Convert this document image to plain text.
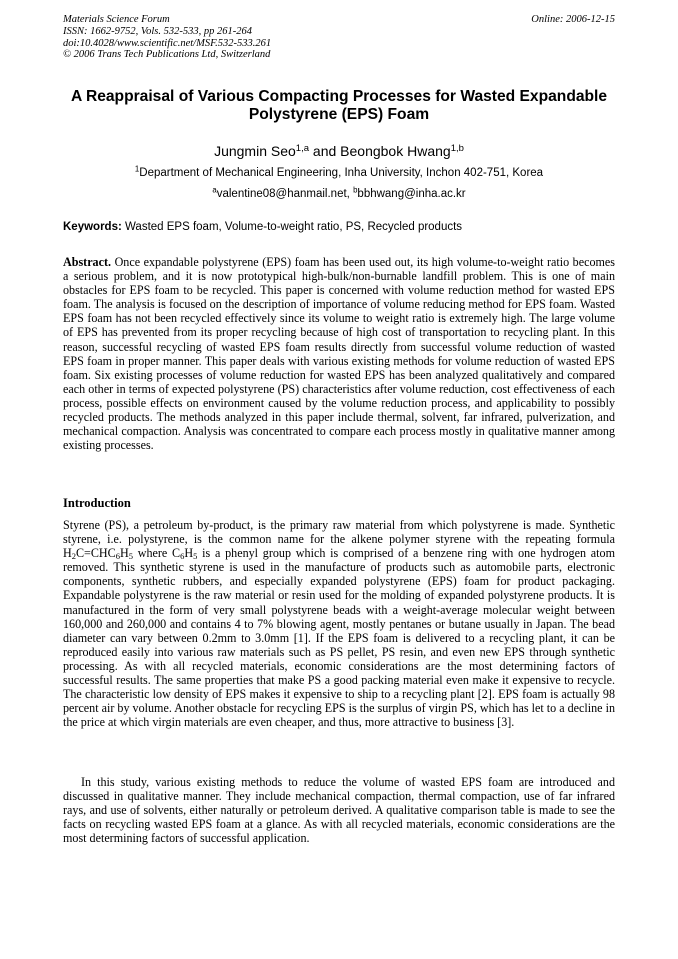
Materials Science Forum
ISSN: 1662-9752, Vols. 532-533, pp 261-264
doi:10.4028/www.scientific.net/MSF.532-533.261
© 2006 Trans Tech Publications Ltd, Switzerland
Online: 2006-12-15
A Reappraisal of Various Compacting Processes for Wasted Expandable
Polystyrene (EPS) Foam
Jungmin Seo$^{1,a}$ and Beongbok Hwang$^{1,b}$
$^1$Department of Mechanical Engineering, Inha University, Inchon 402-751, Korea
$^a$valentine08@hanmail.net, $^b$bbhwang@inha.ac.kr
Keywords: Wasted EPS foam, Volume-to-weight ratio, PS, Recycled products
Abstract. Once expandable polystyrene (EPS) foam has been used out, its high volume-to-weight ratio becomes a serious problem, and it is now prototypical high-bulk/non-burnable landfill problem. This is one of main obstacles for EPS foam to be recycled. This paper is concerned with volume reduction method for wasted EPS foam. The analysis is focused on the description of importance of volume reducing method for EPS foam. Wasted EPS foam has not been recycled effectively since its volume to weight ratio is extremely high. The large volume of EPS has prevented from its proper recycling because of high cost of transportation to recycling plant. In this reason, successful recycling of wasted EPS foam results directly from successful volume reduction of wasted EPS foam in proper manner. This paper deals with various existing methods for volume reduction of wasted EPS foam. Six existing processes of volume reduction for wasted EPS has been analyzed qualitatively and compared each other in terms of expected polystyrene (PS) characteristics after volume reduction, cost effectiveness of each process, possible effects on environment caused by the volume reduction process, and applicability to possibly recycled products. The methods analyzed in this paper include thermal, solvent, far infrared, pulverization, and mechanical compaction. Analysis was concentrated to compare each process mostly in qualitative manner among existing processes.
Introduction
Styrene (PS), a petroleum by-product, is the primary raw material from which polystyrene is made. Synthetic styrene, i.e. polystyrene, is the common name for the alkene polymer styrene with the repeating formula $H_2C=CHC_6H_5$ where $C_6H_5$ is a phenyl group which is comprised of a benzene ring with one hydrogen atom removed. This synthetic styrene is used in the manufacture of products such as automobile parts, electronic components, synthetic rubbers, and especially expanded polystyrene (EPS) foam for product packaging. Expandable polystyrene is the raw material or resin used for the molding of expanded polystyrene products. It is manufactured in the form of very small polystyrene beads with a weight-average molecular weight between 160,000 and 260,000 and contains 4 to 7% blowing agent, mostly pentanes or butane usually in Japan. The bead diameter can vary between 0.2mm to 3.0mm [1]. If the EPS foam is delivered to a recycling plant, it can be reproduced easily into various raw materials such as PS pellet, PS resin, and even new EPS through synthetic processing. As with all recycled materials, economic considerations are the most determining factors of successful results. The same properties that make PS a good packing material even make it expensive to recycle. The characteristic low density of EPS makes it expensive to ship to a recycling plant [2]. EPS foam is actually 98 percent air by volume. Another obstacle for recycling EPS is the surplus of virgin PS, which has let to a decline in the price at which virgin materials are even cheaper, and thus, more attractive to business [3].
In this study, various existing methods to reduce the volume of wasted EPS foam are introduced and discussed in qualitative manner. They include mechanical compaction, thermal compaction, use of far infrared rays, and use of solvents, either naturally or petroleum derived. A qualitative comparison table is made to see the facts on recycling wasted EPS foam at a glance. As with all recycled materials, economic considerations are the most determining factors of successful application.
